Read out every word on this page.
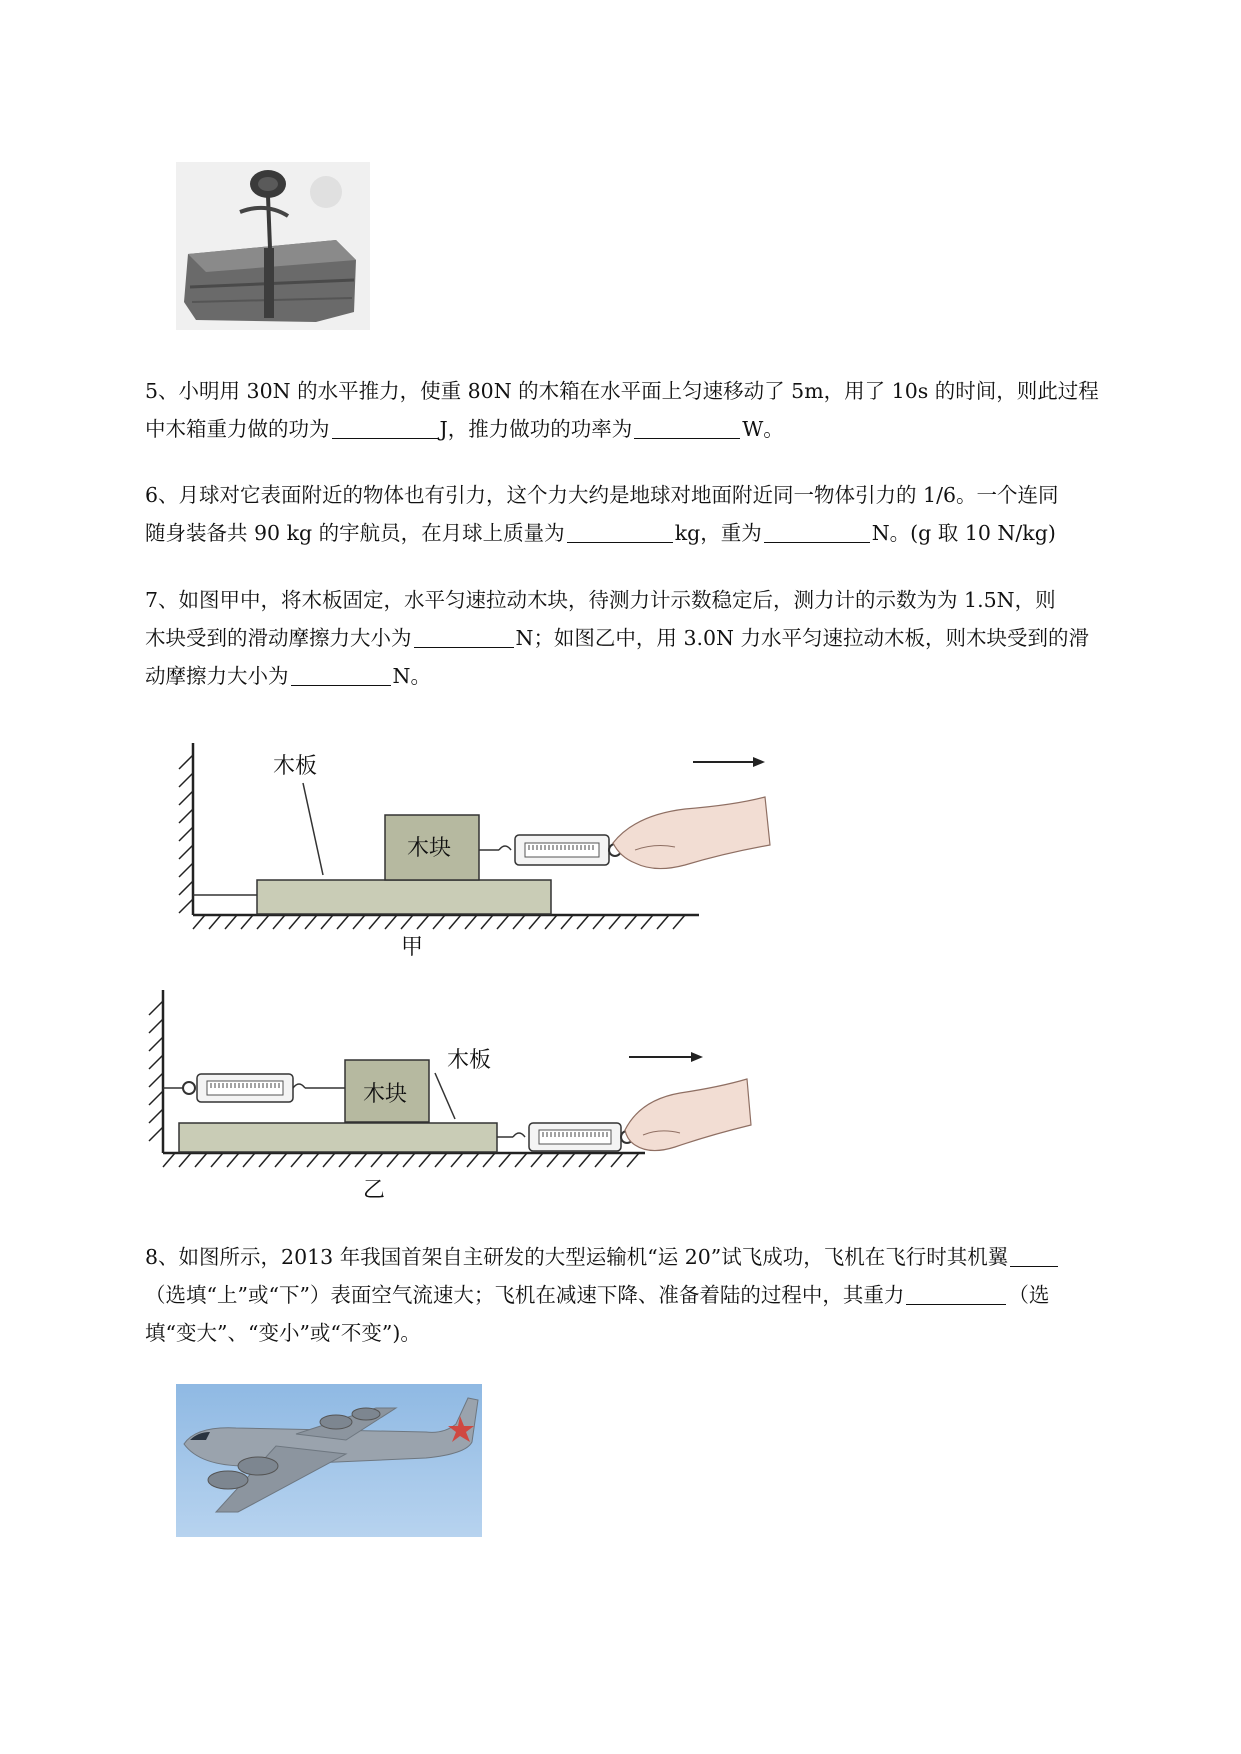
5、小明用 30N 的水平推力，使重 80N 的木箱在水平面上匀速移动了 5m，用了 10s 的时间，则此过程
中木箱重力做的功为	J，推力做功的功率为	W。
6、月球对它表面附近的物体也有引力，这个力大约是地球对地面附近同一物体引力的 1/6。一个连同
随身装备共 90 kg 的宇航员，在月球上质量为	kg，重为	N。(g 取 10 N/kg)
7、如图甲中，将木板固定，水平匀速拉动木块，待测力计示数稳定后，测力计的示数为为 1.5N，则
木块受到的滑动摩擦力大小为	N；如图乙中，用 3.0N 力水平匀速拉动木板，则木块受到的滑
动摩擦力大小为	N。
木板
木块
甲
木板
木块
乙
8、如图所示，2013 年我国首架自主研发的大型运输机“运 20”试飞成功，飞机在飞行时其机翼
（选填“上”或“下”）表面空气流速大；飞机在减速下降、准备着陆的过程中，其重力	（选
填“变大”、“变小”或“不变”)。
